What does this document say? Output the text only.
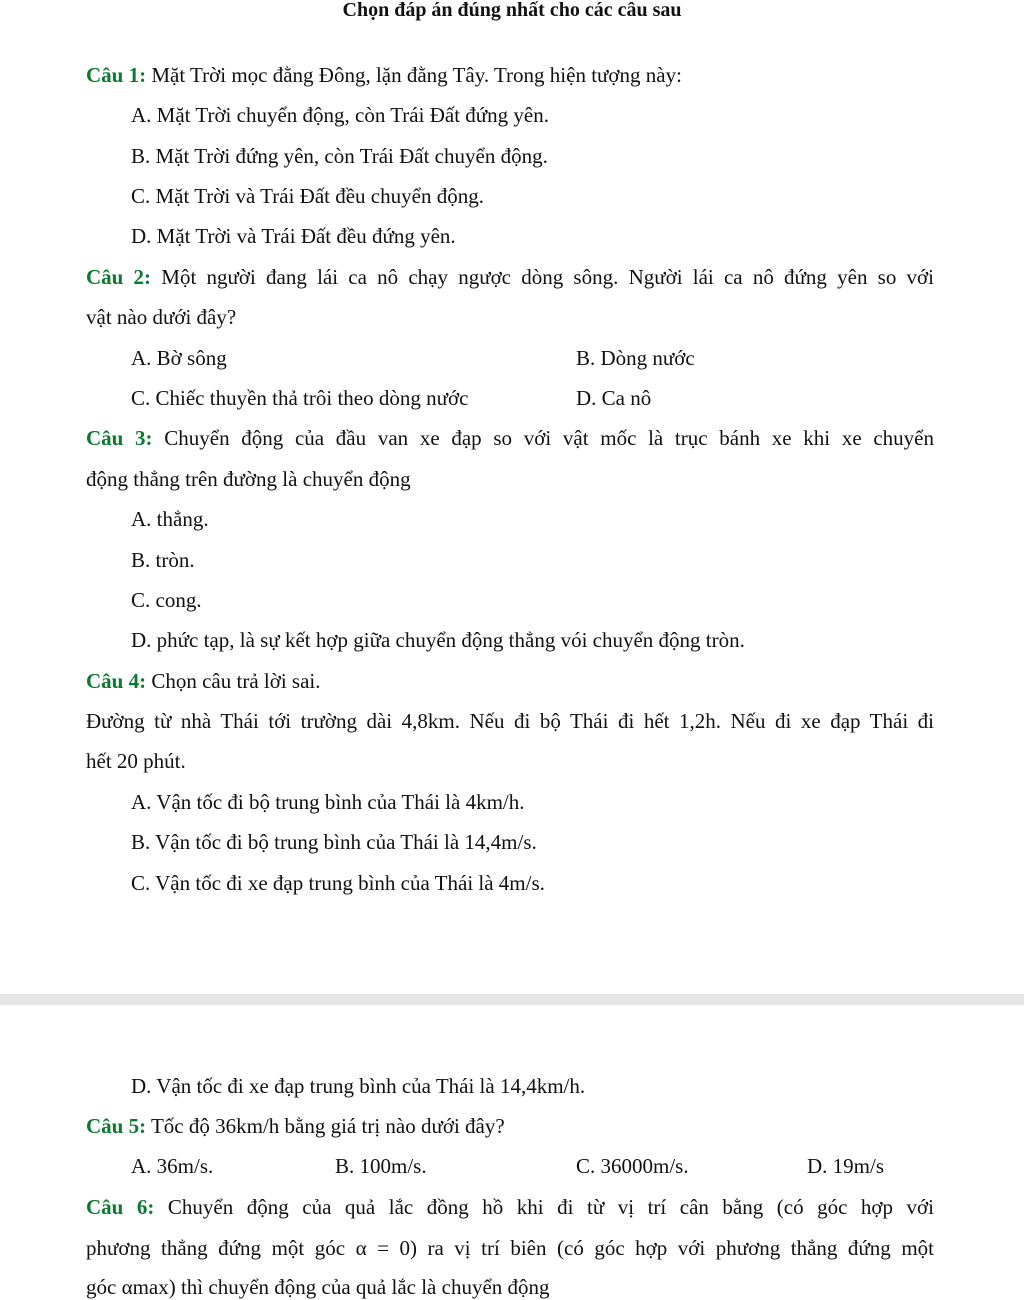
Chọn đáp án đúng nhất cho các câu sau
Câu 1: Mặt Trời mọc đằng Đông, lặn đằng Tây. Trong hiện tượng này:
A. Mặt Trời chuyển động, còn Trái Đất đứng yên.
B. Mặt Trời đứng yên, còn Trái Đất chuyển động.
C. Mặt Trời và Trái Đất đều chuyển động.
D. Mặt Trời và Trái Đất đều đứng yên.
Câu 2: Một người đang lái ca nô chạy ngược dòng sông. Người lái ca nô đứng yên so với
vật nào dưới đây?
A. Bờ sông	B. Dòng nước
C. Chiếc thuyền thả trôi theo dòng nước	D. Ca nô
Câu 3: Chuyển động của đầu van xe đạp so với vật mốc là trục bánh xe khi xe chuyển
động thẳng trên đường là chuyển động
A. thẳng.
B. tròn.
C. cong.
D. phức tạp, là sự kết hợp giữa chuyển động thẳng vói chuyển động tròn.
Câu 4: Chọn câu trả lời sai.
Đường từ nhà Thái tới trường dài 4,8km. Nếu đi bộ Thái đi hết 1,2h. Nếu đi xe đạp Thái đi
hết 20 phút.
A. Vận tốc đi bộ trung bình của Thái là 4km/h.
B. Vận tốc đi bộ trung bình của Thái là 14,4m/s.
C. Vận tốc đi xe đạp trung bình của Thái là 4m/s.
D. Vận tốc đi xe đạp trung bình của Thái là 14,4km/h.
Câu 5: Tốc độ 36km/h bằng giá trị nào dưới đây?
A. 36m/s.	B. 100m/s.	C. 36000m/s.	D. 19m/s
Câu 6: Chuyển động của quả lắc đồng hồ khi đi từ vị trí cân bằng (có góc hợp với
phương thẳng đứng một góc α = 0) ra vị trí biên (có góc hợp với phương thẳng đứng một
góc αmax) thì chuyển động của quả lắc là chuyển động
